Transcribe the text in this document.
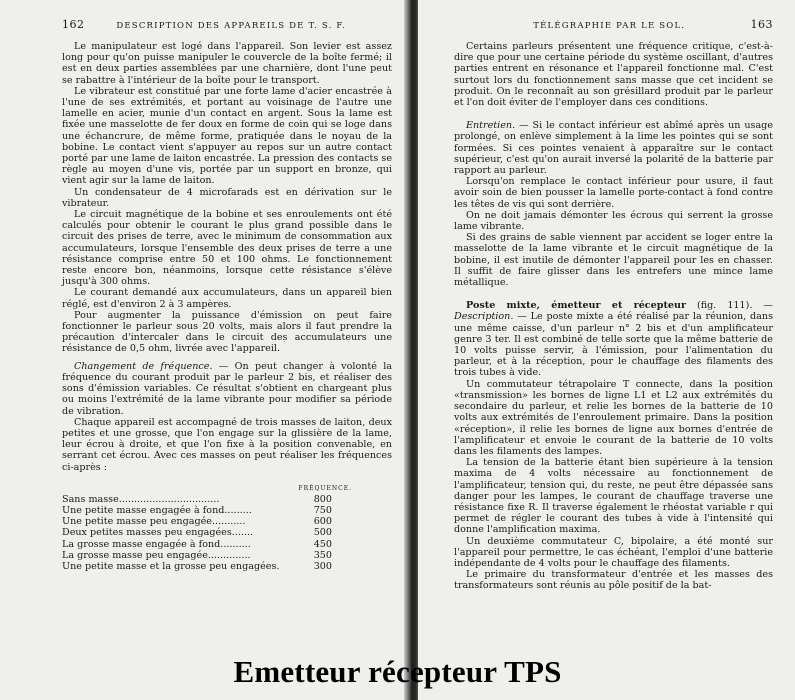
162	DESCRIPTION DES APPAREILS DE T. S. F.

Le manipulateur est logé dans l'appareil. Son levier est assez long pour qu'on puisse manipuler le couvercle de la boîte fermé; il est en deux parties assemblées par une charnière, dont l'une peut se rabattre à l'intérieur de la boîte pour le transport.

Le vibrateur est constitué par une forte lame d'acier encastrée à l'une de ses extrémités, et portant au voisinage de l'autre une lamelle en acier, munie d'un contact en argent. Sous la lame est fixée une masselotte de fer doux en forme de coin qui se loge dans une échancrure, de même forme, pratiquée dans le noyau de la bobine. Le contact vient s'appuyer au repos sur un autre contact porté par une lame de laiton encastrée. La pression des contacts se règle au moyen d'une vis, portée par un support en bronze, qui vient agir sur la lame de laiton.

Un condensateur de 4 microfarads est en dérivation sur le vibrateur.

Le circuit magnétique de la bobine et ses enroulements ont été calculés pour obtenir le courant le plus grand possible dans le circuit des prises de terre, avec le minimum de consommation aux accumulateurs, lorsque l'ensemble des deux prises de terre a une résistance comprise entre 50 et 100 ohms. Le fonctionnement reste encore bon, néanmoins, lorsque cette résistance s'élève jusqu'à 300 ohms.

Le courant demandé aux accumulateurs, dans un appareil bien réglé, est d'environ 2 à 3 ampères.

Pour augmenter la puissance d'émission on peut faire fonctionner le parleur sous 20 volts, mais alors il faut prendre la précaution d'intercaler dans le circuit des accumulateurs une résistance de 0,5 ohm, livrée avec l'appareil.

Changement de fréquence. — On peut changer à volonté la fréquence du courant produit par le parleur 2 bis, et réaliser des sons d'émission variables. Ce résultat s'obtient en chargeant plus ou moins l'extrémité de la lame vibrante pour modifier sa période de vibration.

Chaque appareil est accompagné de trois masses de laiton, deux petites et une grosse, que l'on engage sur la glissière de la lame, leur écrou à droite, et que l'on fixe à la position convenable, en serrant cet écrou. Avec ces masses on peut réaliser les fréquences ci-après :

FRÉQUENCE.
Sans masse.................................	800
Une petite masse engagée à fond.........	750
Une petite masse peu engagée...........	600
Deux petites masses peu engagées.......	500
La grosse masse engagée à fond..........	450
La grosse masse peu engagée..............	350
Une petite masse et la grosse peu engagées.	300
TÉLÉGRAPHIE PAR LE SOL.	163

Certains parleurs présentent une fréquence critique, c'est-à-dire que pour une certaine période du système oscillant, d'autres parties entrent en résonance et l'appareil fonctionne mal. C'est surtout lors du fonctionnement sans masse que cet incident se produit. On le reconnaît au son grésillard produit par le parleur et l'on doit éviter de l'employer dans ces conditions.

Entretien. — Si le contact inférieur est abîmé après un usage prolongé, on enlève simplement à la lime les pointes qui se sont formées. Si ces pointes venaient à apparaître sur le contact supérieur, c'est qu'on aurait inversé la polarité de la batterie par rapport au parleur.

Lorsqu'on remplace le contact inférieur pour usure, il faut avoir soin de bien pousser la lamelle porte-contact à fond contre les têtes de vis qui sont derrière.

On ne doit jamais démonter les écrous qui serrent la grosse lame vibrante.

Si des grains de sable viennent par accident se loger entre la masselotte de la lame vibrante et le circuit magnétique de la bobine, il est inutile de démonter l'appareil pour les en chasser. Il suffit de faire glisser dans les entrefers une mince lame métallique.

Poste mixte, émetteur et récepteur (fig. 111). — Description. — Le poste mixte a été réalisé par la réunion, dans une même caisse, d'un parleur n° 2 bis et d'un amplificateur genre 3 ter. Il est combiné de telle sorte que la même batterie de 10 volts puisse servir, à l'émission, pour l'alimentation du parleur, et à la réception, pour le chauffage des filaments des trois tubes à vide.

Un commutateur tétrapolaire T connecte, dans la position «transmission» les bornes de ligne L1 et L2 aux extrémités du secondaire du parleur, et relie les bornes de la batterie de 10 volts aux extrémités de l'enroulement primaire. Dans la position «réception», il relie les bornes de ligne aux bornes d'entrée de l'amplificateur et envoie le courant de la batterie de 10 volts dans les filaments des lampes.

La tension de la batterie étant bien supérieure à la tension maxima de 4 volts nécessaire au fonctionnement de l'amplificateur, tension qui, du reste, ne peut être dépassée sans danger pour les lampes, le courant de chauffage traverse une résistance fixe R. Il traverse également le rhéostat variable r qui permet de régler le courant des tubes à vide à l'intensité qui donne l'amplification maxima.

Un deuxième commutateur C, bipolaire, a été monté sur l'appareil pour permettre, le cas échéant, l'emploi d'une batterie indépendante de 4 volts pour le chauffage des filaments.

Le primaire du transformateur d'entrée et les masses des transformateurs sont réunis au pôle positif de la bat-

Emetteur récepteur TPS
